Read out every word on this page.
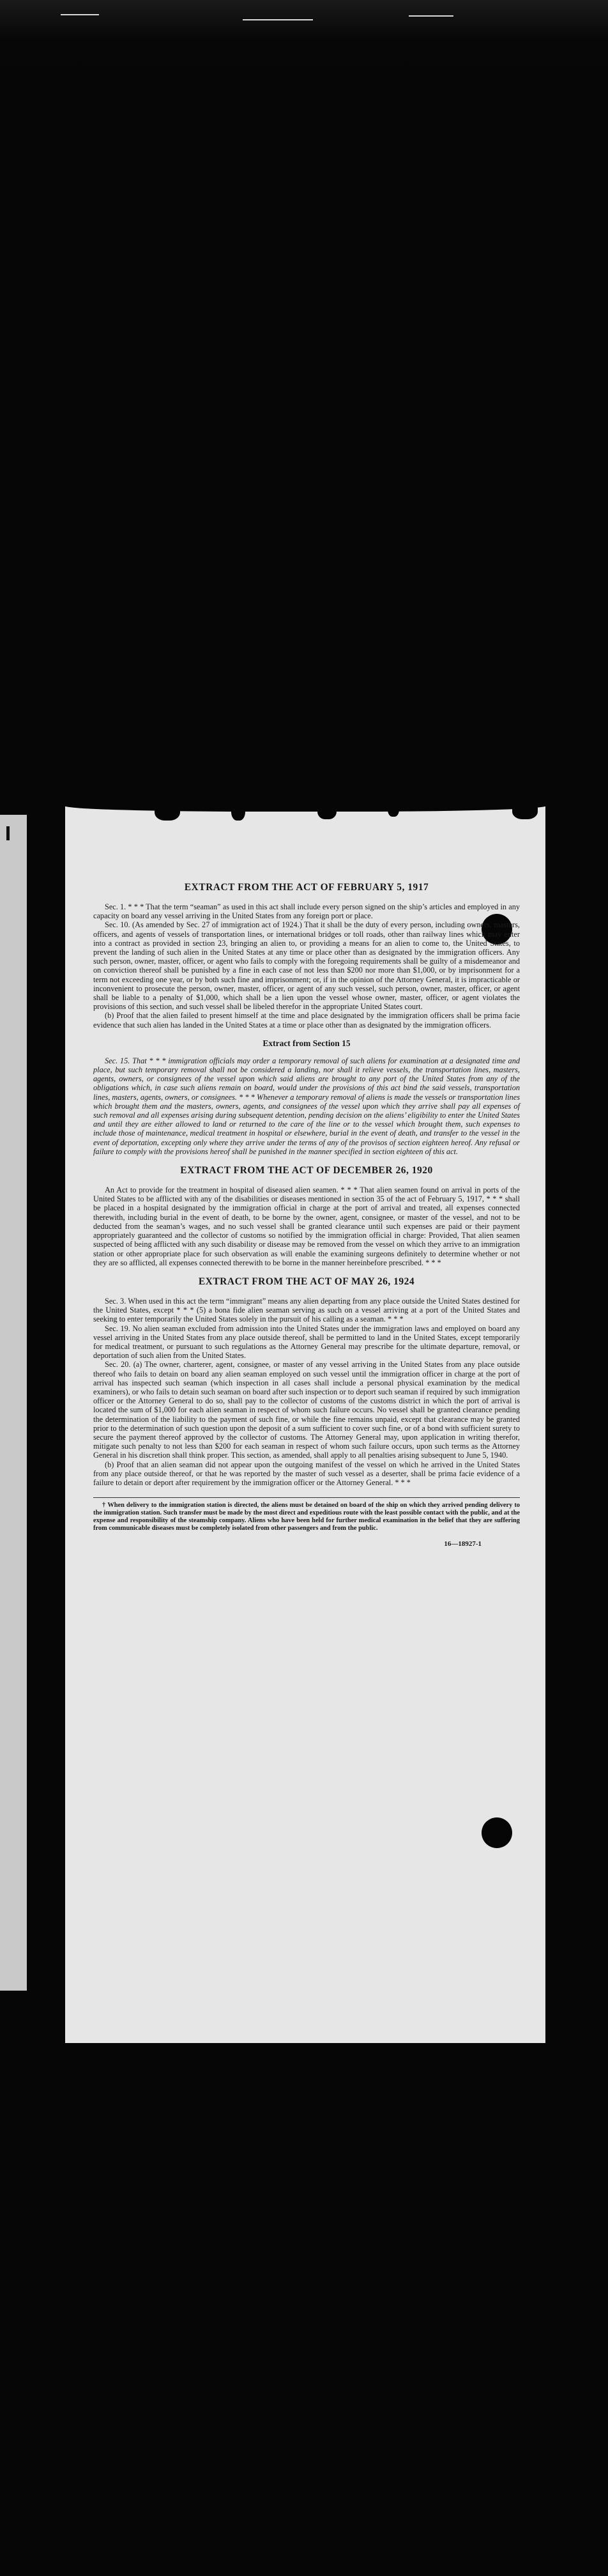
EXTRACT FROM THE ACT OF FEBRUARY 5, 1917

Sec. 1. * * * That the term “seaman” as used in this act shall include every person signed on the ship’s articles and employed in any capacity on board any vessel arriving in the United States from any foreign port or place.

Sec. 10. (As amended by Sec. 27 of immigration act of 1924.) That it shall be the duty of every person, including owners, masters, officers, and agents of vessels of transportation lines, or international bridges or toll roads, other than railway lines which may enter into a contract as provided in section 23, bringing an alien to, or providing a means for an alien to come to, the United States, to prevent the landing of such alien in the United States at any time or place other than as designated by the immigration officers. Any such person, owner, master, officer, or agent who fails to comply with the foregoing requirements shall be guilty of a misdemeanor and on conviction thereof shall be punished by a fine in each case of not less than $200 nor more than $1,000, or by imprisonment for a term not exceeding one year, or by both such fine and imprisonment; or, if in the opinion of the Attorney General, it is impracticable or inconvenient to prosecute the person, owner, master, officer, or agent of any such vessel, such person, owner, master, officer, or agent shall be liable to a penalty of $1,000, which shall be a lien upon the vessel whose owner, master, officer, or agent violates the provisions of this section, and such vessel shall be libeled therefor in the appropriate United States court.

(b) Proof that the alien failed to present himself at the time and place designated by the immigration officers shall be prima facie evidence that such alien has landed in the United States at a time or place other than as designated by the immigration officers.

Extract from Section 15

Sec. 15. That * * * immigration officials may order a temporary removal of such aliens for examination at a designated time and place, but such temporary removal shall not be considered a landing, nor shall it relieve vessels, the transportation lines, masters, agents, owners, or consignees of the vessel upon which said aliens are brought to any port of the United States from any of the obligations which, in case such aliens remain on board, would under the provisions of this act bind the said vessels, transportation lines, masters, agents, owners, or consignees. * * * Whenever a temporary removal of aliens is made the vessels or transportation lines which brought them and the masters, owners, agents, and consignees of the vessel upon which they arrive shall pay all expenses of such removal and all expenses arising during subsequent detention, pending decision on the aliens’ eligibility to enter the United States and until they are either allowed to land or returned to the care of the line or to the vessel which brought them, such expenses to include those of maintenance, medical treatment in hospital or elsewhere, burial in the event of death, and transfer to the vessel in the event of deportation, excepting only where they arrive under the terms of any of the provisos of section eighteen hereof. Any refusal or failure to comply with the provisions hereof shall be punished in the manner specified in section eighteen of this act.

EXTRACT FROM THE ACT OF DECEMBER 26, 1920

An Act to provide for the treatment in hospital of diseased alien seamen. * * * That alien seamen found on arrival in ports of the United States to be afflicted with any of the disabilities or diseases mentioned in section 35 of the act of February 5, 1917, * * * shall be placed in a hospital designated by the immigration official in charge at the port of arrival and treated, all expenses connected therewith, including burial in the event of death, to be borne by the owner, agent, consignee, or master of the vessel, and not to be deducted from the seaman’s wages, and no such vessel shall be granted clearance until such expenses are paid or their payment appropriately guaranteed and the collector of customs so notified by the immigration official in charge: Provided, That alien seamen suspected of being afflicted with any such disability or disease may be removed from the vessel on which they arrive to an immigration station or other appropriate place for such observation as will enable the examining surgeons definitely to determine whether or not they are so afflicted, all expenses connected therewith to be borne in the manner hereinbefore prescribed. * * *

EXTRACT FROM THE ACT OF MAY 26, 1924

Sec. 3. When used in this act the term “immigrant” means any alien departing from any place outside the United States destined for the United States, except * * * (5) a bona fide alien seaman serving as such on a vessel arriving at a port of the United States and seeking to enter temporarily the United States solely in the pursuit of his calling as a seaman. * * *

Sec. 19. No alien seaman excluded from admission into the United States under the immigration laws and employed on board any vessel arriving in the United States from any place outside thereof, shall be permitted to land in the United States, except temporarily for medical treatment, or pursuant to such regulations as the Attorney General may prescribe for the ultimate departure, removal, or deportation of such alien from the United States.

Sec. 20. (a) The owner, charterer, agent, consignee, or master of any vessel arriving in the United States from any place outside thereof who fails to detain on board any alien seaman employed on such vessel until the immigration officer in charge at the port of arrival has inspected such seaman (which inspection in all cases shall include a personal physical examination by the medical examiners), or who fails to detain such seaman on board after such inspection or to deport such seaman if required by such immigration officer or the Attorney General to do so, shall pay to the collector of customs of the customs district in which the port of arrival is located the sum of $1,000 for each alien seaman in respect of whom such failure occurs. No vessel shall be granted clearance pending the determination of the liability to the payment of such fine, or while the fine remains unpaid, except that clearance may be granted prior to the determination of such question upon the deposit of a sum sufficient to cover such fine, or of a bond with sufficient surety to secure the payment thereof approved by the collector of customs. The Attorney General may, upon application in writing therefor, mitigate such penalty to not less than $200 for each seaman in respect of whom such failure occurs, upon such terms as the Attorney General in his discretion shall think proper. This section, as amended, shall apply to all penalties arising subsequent to June 5, 1940.

(b) Proof that an alien seaman did not appear upon the outgoing manifest of the vessel on which he arrived in the United States from any place outside thereof, or that he was reported by the master of such vessel as a deserter, shall be prima facie evidence of a failure to detain or deport after requirement by the immigration officer or the Attorney General. * * *

† When delivery to the immigration station is directed, the aliens must be detained on board of the ship on which they arrived pending delivery to the immigration station. Such transfer must be made by the most direct and expeditious route with the least possible contact with the public, and at the expense and responsibility of the steamship company. Aliens who have been held for further medical examination in the belief that they are suffering from communicable diseases must be completely isolated from other passengers and from the public.

16—18927-1
